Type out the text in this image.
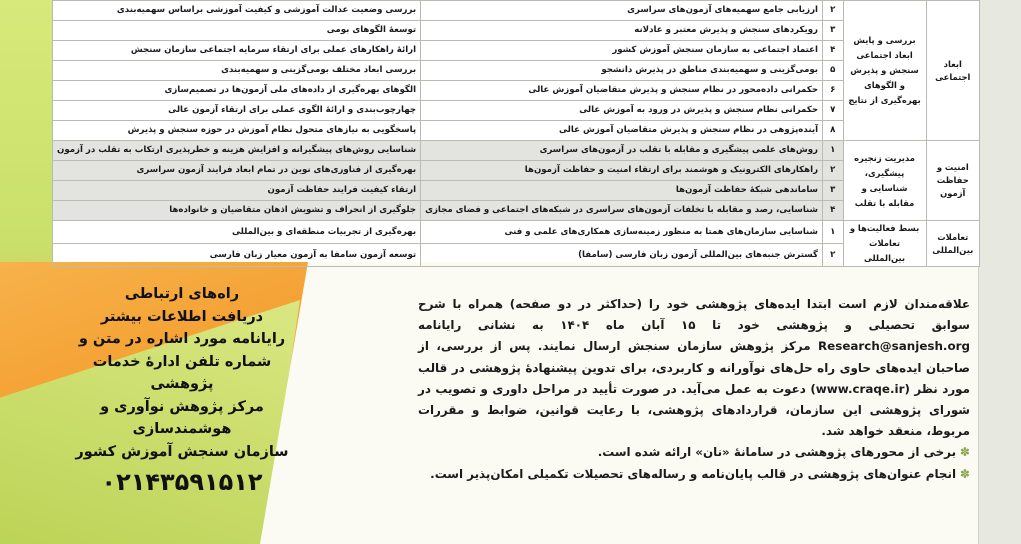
ابعاد اجتماعی	بررسی و پایش ابعاد اجتماعی سنجش و پذیرش و الگوهای بهره‌گیری از نتایج	۲	ارزیابی جامع سهمیه‌های آزمون‌های سراسری	بررسی وضعیت عدالت آموزشی و کیفیت آموزشی براساس سهمیه‌بندی
		۳	رویکردهای سنجش و پذیرش معتبر و عادلانه	توسعهٔ الگوهای بومی
		۴	اعتماد اجتماعی به سازمان سنجش آموزش کشور	ارائهٔ راهکارهای عملی برای ارتقاء سرمایه اجتماعی سازمان سنجش
		۵	بومی‌گزینی و سهمیه‌بندی مناطق در پذیرش دانشجو	بررسی ابعاد مختلف بومی‌گزینی و سهمیه‌بندی
		۶	حکمرانی داده‌محور در نظام سنجش و پذیرش متقاضیان آموزش عالی	الگوهای بهره‌گیری از داده‌های ملی آزمون‌ها در تصمیم‌سازی
		۷	حکمرانی نظام سنجش و پذیرش در ورود به آموزش عالی	چهارچوب‌بندی و ارائهٔ الگوی عملی برای ارتقاء آزمون عالی
		۸	آینده‌پژوهی در نظام سنجش و پذیرش متقاضیان آموزش عالی	پاسخگویی به نیازهای متحول نظام آموزش در حوزه سنجش و پذیرش
امنیت و حفاظت آزمون	مدیریت زنجیره پیشگیری، شناسایی و مقابله با تقلب	۱	روش‌های علمی پیشگیری و مقابله با تقلب در آزمون‌های سراسری	شناسایی روش‌های پیشگیرانه و افزایش هزینه و خطرپذیری ارتکاب به تقلب در آزمون
		۲	راهکارهای الکترونیک و هوشمند برای ارتقاء امنیت و حفاظت آزمون‌ها	بهره‌گیری از فناوری‌های نوین در تمام ابعاد فرایند آزمون سراسری
		۳	ساماندهی شبکهٔ حفاظت آزمون‌ها	ارتقاء کیفیت فرایند حفاظت آزمون
		۴	شناسایی، رصد و مقابله با تخلفات آزمون‌های سراسری در شبکه‌های اجتماعی و فضای مجازی	جلوگیری از انحراف و تشویش اذهان متقاضیان و خانواده‌ها
تعاملات بین‌المللی	بسط فعالیت‌ها و تعاملات بین‌المللی	۱	شناسایی سازمان‌های همتا به منظور زمینه‌سازی همکاری‌های علمی و فنی	بهره‌گیری از تجربیات منطقه‌ای و بین‌المللی
		۲	گسترش جنبه‌های بین‌المللی آزمون زبان فارسی (سامفا)	توسعه آزمون سامفا به آزمون معیار زبان فارسی
راه‌های ارتباطی
دریافت اطلاعات بیشتر
رایانامه مورد اشاره در متن و
شماره تلفن ادارهٔ خدمات پژوهشی
مرکز پژوهش نوآوری و هوشمندسازی
سازمان سنجش آموزش کشور
۰۲۱۴۳۵۹۱۵۱۲
علاقه‌مندان لازم است ابتدا ایده‌های پژوهشی خود را (حداکثر در دو صفحه) همراه با شرح سوابق تحصیلی و پژوهشی خود تا ۱۵ آبان ماه ۱۴۰۴ به نشانی رایانامه Research@sanjesh.org مرکز پژوهش سازمان سنجش ارسال نمایند. پس از بررسی، از صاحبان ایده‌های حاوی راه حل‌های نوآورانه و کاربردی، برای تدوین پیشنهادهٔ پژوهشی در قالب مورد نظر (www.craqe.ir) دعوت به عمل می‌آید. در صورت تأیید در مراحل داوری و تصویب در شورای پژوهشی این سازمان، قراردادهای پژوهشی، با رعایت قوانین، ضوابط و مقررات مربوط، منعقد خواهد شد.
✽برخی از محورهای پژوهشی در سامانهٔ «نان» ارائه شده است.
✽انجام عنوان‌های پژوهشی در قالب پایان‌نامه و رساله‌های تحصیلات تکمیلی امکان‌پذیر است.
